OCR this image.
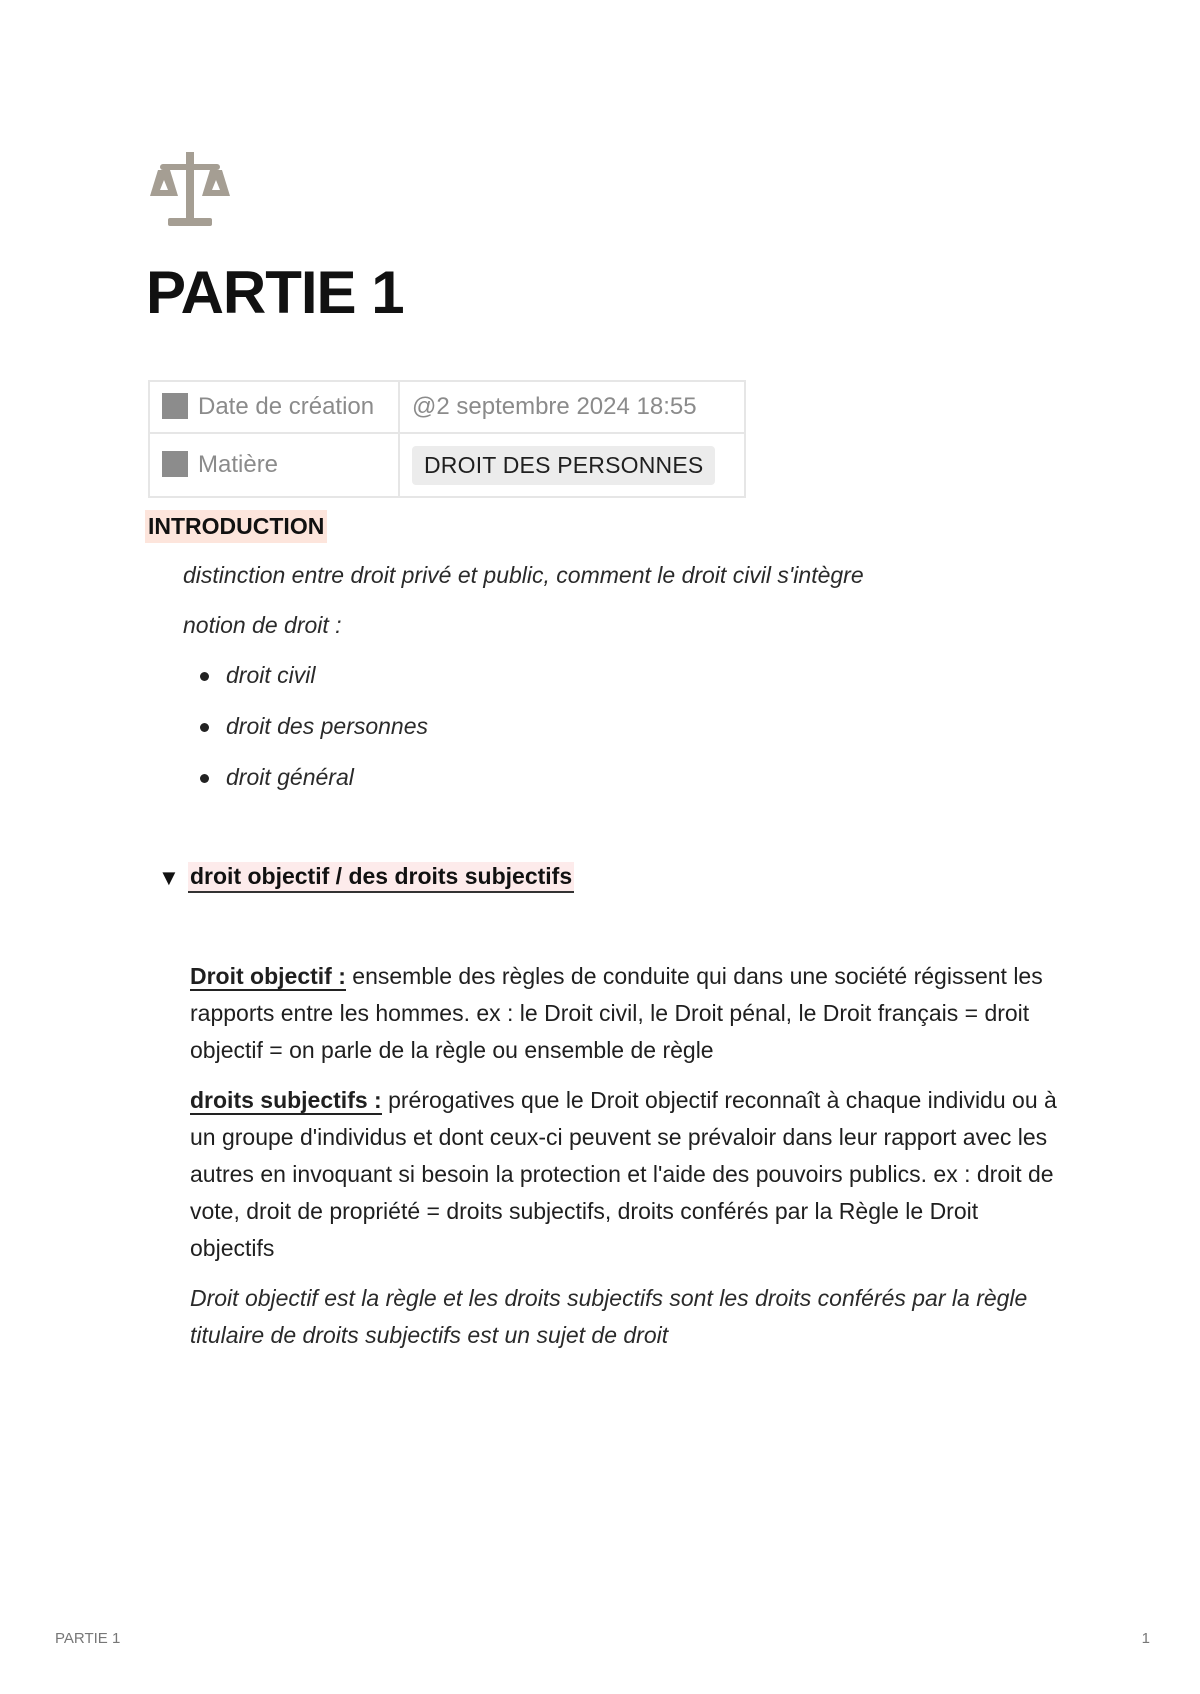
PARTIE 1
Date de création	@2 septembre 2024 18:55
Matière	DROIT DES PERSONNES
INTRODUCTION

distinction entre droit privé et public, comment le droit civil s'intègre

notion de droit :

droit civil
droit des personnes
droit général
▼ droit objectif / des droits subjectifs

Droit objectif : ensemble des règles de conduite qui dans une société régissent les rapports entre les hommes. ex : le Droit civil, le Droit pénal, le Droit français = droit objectif = on parle de la règle ou ensemble de règle

droits subjectifs : prérogatives que le Droit objectif reconnaît à chaque individu ou à un groupe d'individus et dont ceux-ci peuvent se prévaloir dans leur rapport avec les autres en invoquant si besoin la protection et l'aide des pouvoirs publics. ex : droit de vote, droit de propriété = droits subjectifs, droits conférés par la Règle le Droit objectifs

Droit objectif est la règle et les droits subjectifs sont les droits conférés par la règle titulaire de droits subjectifs est un sujet de droit

PARTIE 1	1
